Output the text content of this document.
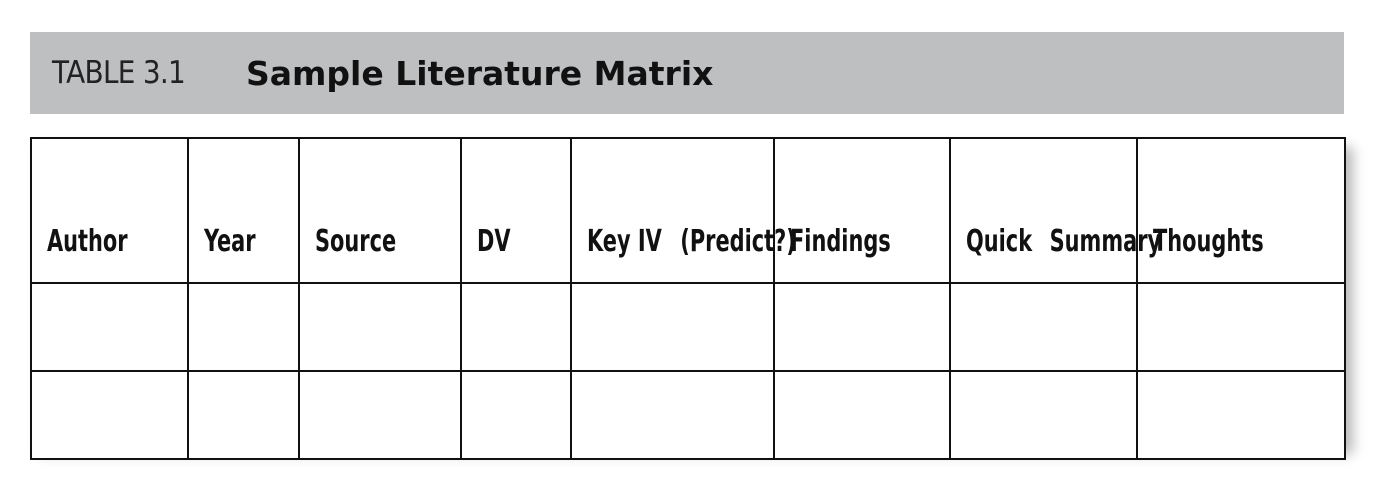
TABLE 3.1	Sample Literature Matrix
Author	Year	Source	DV	Key IV (Predict?)	Findings	Quick Summary	Thoughts
